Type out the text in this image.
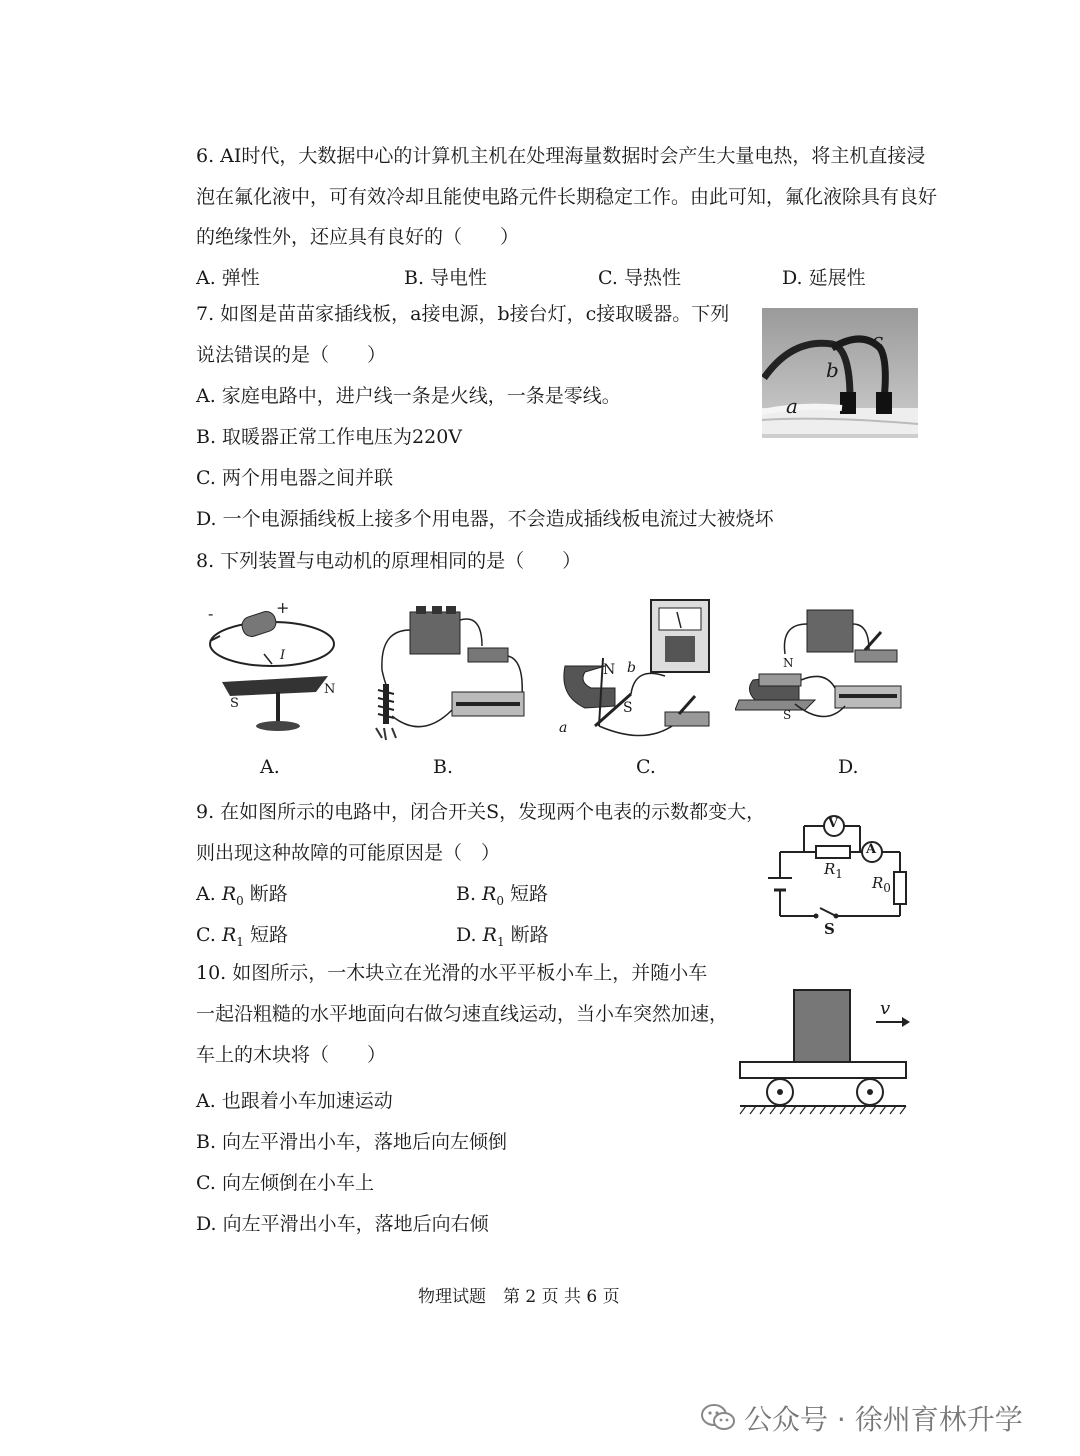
6. AI时代，大数据中心的计算机主机在处理海量数据时会产生大量电热，将主机直接浸
泡在氟化液中，可有效冷却且能使电路元件长期稳定工作。由此可知，氟化液除具有良好
的绝缘性外，还应具有良好的（　　）
A. 弹性	B. 导电性	C. 导热性	D. 延展性
7. 如图是苗苗家插线板，a接电源，b接台灯，c接取暖器。下列
说法错误的是（　　）
A. 家庭电路中，进户线一条是火线，一条是零线。
B. 取暖器正常工作电压为220V
C. 两个用电器之间并联
D. 一个电源插线板上接多个用电器，不会造成插线板电流过大被烧坏
a
b
c
8. 下列装置与电动机的原理相同的是（　　）
-	+
I
S
N
N b
S
a
N
S
A.	B.	C.	D.
9. 在如图所示的电路中，闭合开关S，发现两个电表的示数都变大，
则出现这种故障的可能原因是（　）
A. $R_0$ 断路	B. $R_0$ 短路
C. $R_1$ 短路	D. $R_1$ 断路
V
A
$R_1$ $R_0$
S
10. 如图所示，一木块立在光滑的水平平板小车上，并随小车
一起沿粗糙的水平地面向右做匀速直线运动，当小车突然加速，
车上的木块将（　　）
A. 也跟着小车加速运动
B. 向左平滑出小车，落地后向左倾倒
C. 向左倾倒在小车上
D. 向左平滑出小车，落地后向右倾
v
物理试题　第 2 页 共 6 页
公众号 · 徐州育林升学
